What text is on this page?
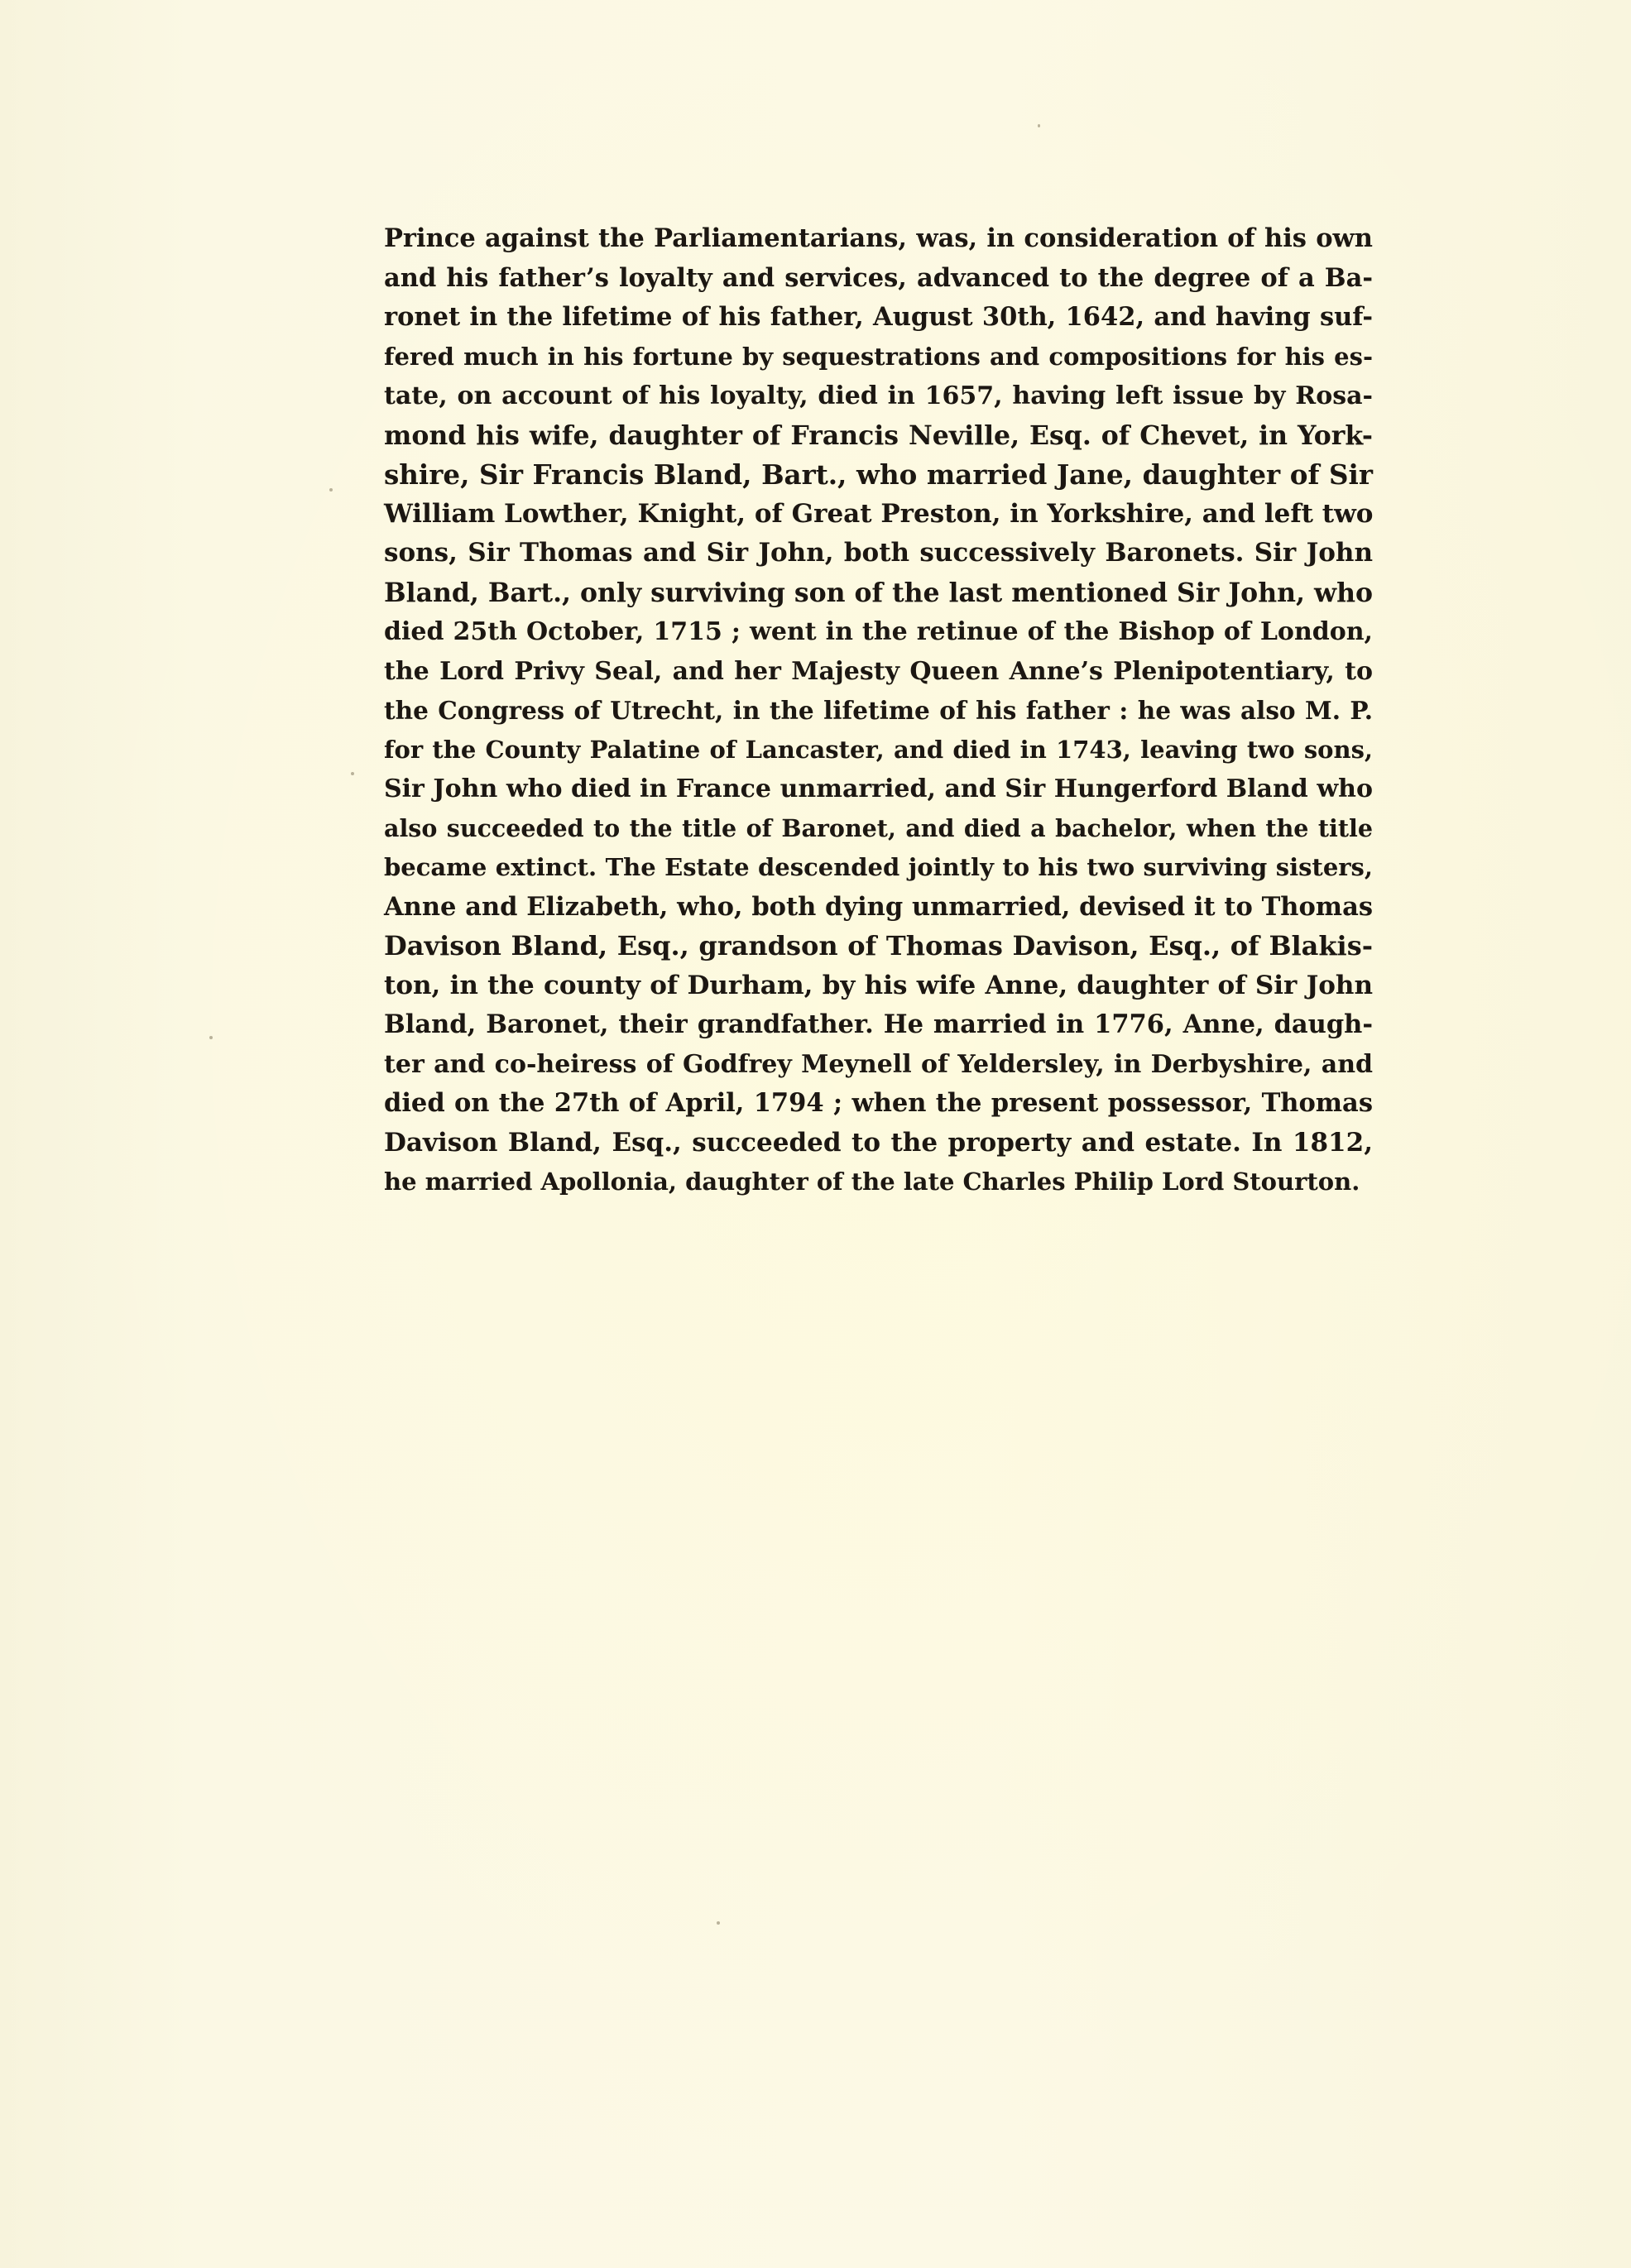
Prince against the Parliamentarians, was, in consideration of his own
and his father’s loyalty and services, advanced to the degree of a Ba-
ronet in the lifetime of his father, August 30th, 1642, and having suf-
fered much in his fortune by sequestrations and compositions for his es-
tate, on account of his loyalty, died in 1657, having left issue by Rosa-
mond his wife, daughter of Francis Neville, Esq. of Chevet, in York-
shire, Sir Francis Bland, Bart., who married Jane, daughter of Sir
William Lowther, Knight, of Great Preston, in Yorkshire, and left two
sons, Sir Thomas and Sir John, both successively Baronets. Sir John
Bland, Bart., only surviving son of the last mentioned Sir John, who
died 25th October, 1715 ; went in the retinue of the Bishop of London,
the Lord Privy Seal, and her Majesty Queen Anne’s Plenipotentiary, to
the Congress of Utrecht, in the lifetime of his father : he was also M. P.
for the County Palatine of Lancaster, and died in 1743, leaving two sons,
Sir John who died in France unmarried, and Sir Hungerford Bland who
also succeeded to the title of Baronet, and died a bachelor, when the title
became extinct. The Estate descended jointly to his two surviving sisters,
Anne and Elizabeth, who, both dying unmarried, devised it to Thomas
Davison Bland, Esq., grandson of Thomas Davison, Esq., of Blakis-
ton, in the county of Durham, by his wife Anne, daughter of Sir John
Bland, Baronet, their grandfather. He married in 1776, Anne, daugh-
ter and co-heiress of Godfrey Meynell of Yeldersley, in Derbyshire, and
died on the 27th of April, 1794 ; when the present possessor, Thomas
Davison Bland, Esq., succeeded to the property and estate. In 1812,
he married Apollonia, daughter of the late Charles Philip Lord Stourton.
